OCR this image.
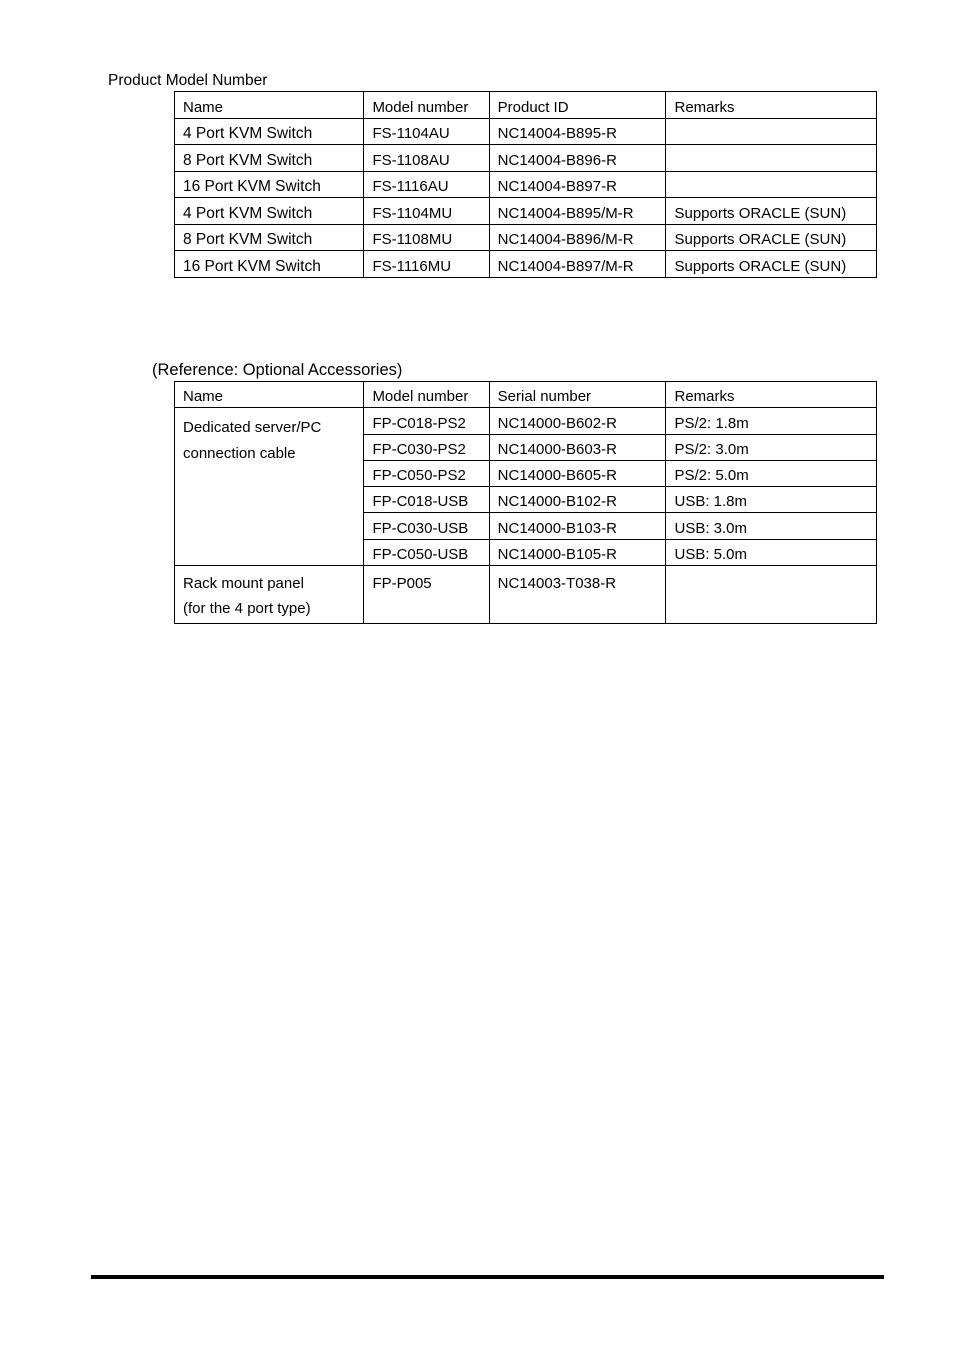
Product Model Number
Name	Model number	Product ID	Remarks
4 Port KVM Switch	FS-1104AU	NC14004-B895-R	
8 Port KVM Switch	FS-1108AU	NC14004-B896-R	
16 Port KVM Switch	FS-1116AU	NC14004-B897-R	
4 Port KVM Switch	FS-1104MU	NC14004-B895/M-R	Supports ORACLE (SUN)
8 Port KVM Switch	FS-1108MU	NC14004-B896/M-R	Supports ORACLE (SUN)
16 Port KVM Switch	FS-1116MU	NC14004-B897/M-R	Supports ORACLE (SUN)
(Reference: Optional Accessories)
Name	Model number	Serial number	Remarks

Dedicated server/PC
connection cable	FP-C018-PS2	NC14000-B602-R	PS/2: 1.8m
	FP-C030-PS2	NC14000-B603-R	PS/2: 3.0m
	FP-C050-PS2	NC14000-B605-R	PS/2: 5.0m
	FP-C018-USB	NC14000-B102-R	USB: 1.8m
	FP-C030-USB	NC14000-B103-R	USB: 3.0m
	FP-C050-USB	NC14000-B105-R	USB: 5.0m

Rack mount panel
(for the 4 port type)	FP-P005	NC14003-T038-R	
